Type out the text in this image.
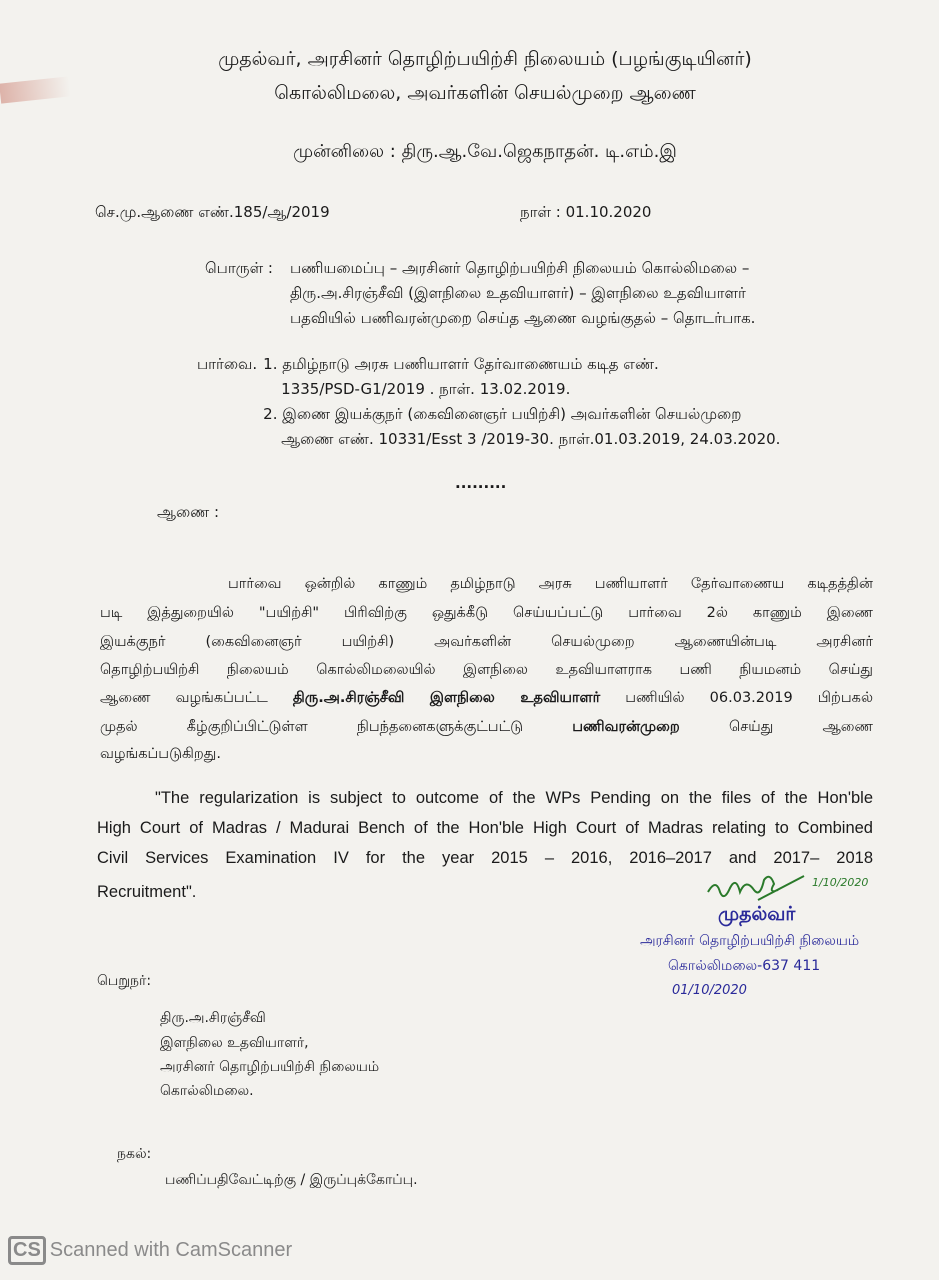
முதல்வர், அரசினர் தொழிற்பயிற்சி நிலையம் (பழங்குடியினர்)
கொல்லிமலை, அவர்களின் செயல்முறை ஆணை
முன்னிலை : திரு.ஆ.வே.ஜெகநாதன். டி.எம்.இ
செ.மு.ஆணை எண்.185/ஆ/2019	நாள் : 01.10.2020
பொருள் :	பணியமைப்பு – அரசினர் தொழிற்பயிற்சி நிலையம் கொல்லிமலை –
திரு.அ.சிரஞ்சீவி (இளநிலை உதவியாளர்) – இளநிலை உதவியாளர்
பதவியில் பணிவரன்முறை செய்த ஆணை வழங்குதல் – தொடர்பாக.
பார்வை. 1. தமிழ்நாடு அரசு பணியாளர் தேர்வாணையம் கடித எண்.
1335/PSD-G1/2019 . நாள். 13.02.2019.
2. இணை இயக்குநர் (கைவினைஞர் பயிற்சி) அவர்களின் செயல்முறை
ஆணை எண். 10331/Esst 3 /2019-30. நாள்.01.03.2019, 24.03.2020.
.........
ஆணை :
பார்வை ஒன்றில் காணும் தமிழ்நாடு அரசு பணியாளர் தேர்வாணைய கடிதத்தின்
படி இத்துறையில் "பயிற்சி" பிரிவிற்கு ஒதுக்கீடு செய்யப்பட்டு பார்வை 2ல் காணும் இணை
இயக்குநர் (கைவினைஞர் பயிற்சி) அவர்களின் செயல்முறை ஆணையின்படி அரசினர்
தொழிற்பயிற்சி நிலையம் கொல்லிமலையில் இளநிலை உதவியாளராக பணி நியமனம் செய்து
ஆணை வழங்கப்பட்ட திரு.அ.சிரஞ்சீவி இளநிலை உதவியாளர் பணியில் 06.03.2019 பிற்பகல்
முதல் கீழ்குறிப்பிட்டுள்ள நிபந்தனைகளுக்குட்பட்டு பணிவரன்முறை செய்து ஆணை
வழங்கப்படுகிறது.
"The regularization is subject to outcome of the WPs Pending on the files of the Hon'ble
High Court of Madras / Madurai Bench of the Hon'ble High Court of Madras relating to Combined
Civil Services Examination IV for the year 2015 – 2016, 2016–2017 and 2017– 2018
Recruitment".
1/10/2020
முதல்வர்
அரசினர் தொழிற்பயிற்சி நிலையம்
கொல்லிமலை-637 411
01/10/2020
பெறுநர்:
திரு.அ.சிரஞ்சீவி
இளநிலை உதவியாளர்,
அரசினர் தொழிற்பயிற்சி நிலையம்
கொல்லிமலை.
நகல்:
பணிப்பதிவேட்டிற்கு / இருப்புக்கோப்பு.
CS Scanned with CamScanner
